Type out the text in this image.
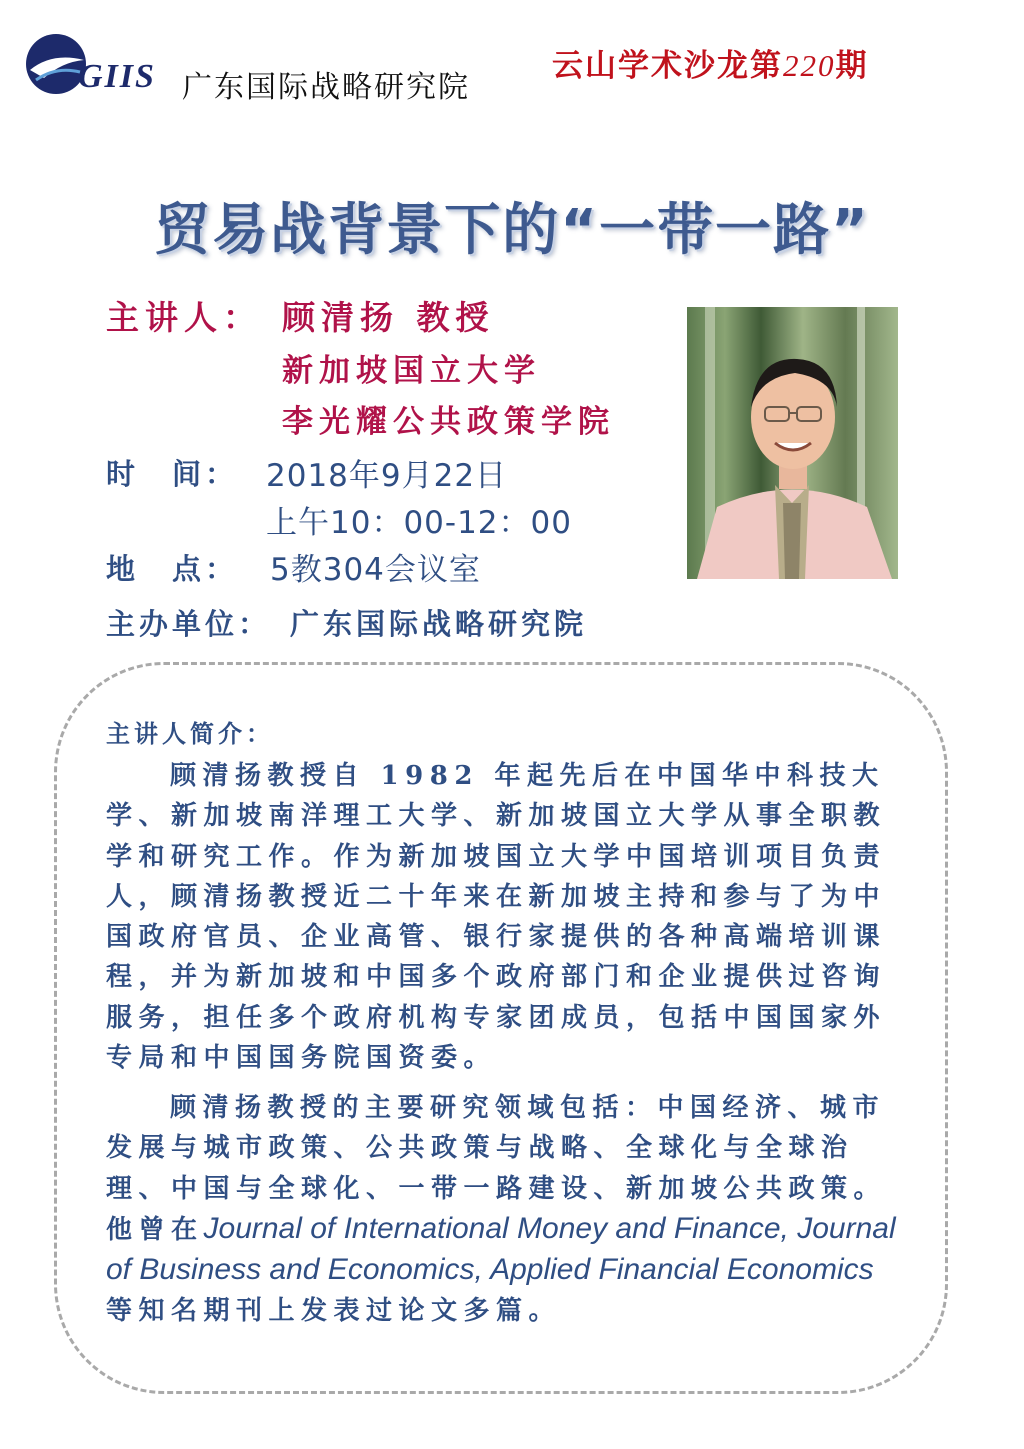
GIIS 广东国际战略研究院
云山学术沙龙第220期
贸易战背景下的“一带一路”
主讲人： 顾清扬 教授
新加坡国立大学
李光耀公共政策学院
时　间： 2018年9月22日
上午10：00-12：00
地　点： 5教304会议室
主办单位： 广东国际战略研究院
主讲人简介：

顾清扬教授自 1982 年起先后在中国华中科技大学、新加坡南洋理工大学、新加坡国立大学从事全职教学和研究工作。作为新加坡国立大学中国培训项目负责人，顾清扬教授近二十年来在新加坡主持和参与了为中国政府官员、企业高管、银行家提供的各种高端培训课程，并为新加坡和中国多个政府部门和企业提供过咨询服务，担任多个政府机构专家团成员，包括中国国家外专局和中国国务院国资委。

顾清扬教授的主要研究领域包括：中国经济、城市发展与城市政策、公共政策与战略、全球化与全球治理、中国与全球化、一带一路建设、新加坡公共政策。他曾在Journal of International Money and Finance, Journal of Business and Economics, Applied Financial Economics等知名期刊上发表过论文多篇。
